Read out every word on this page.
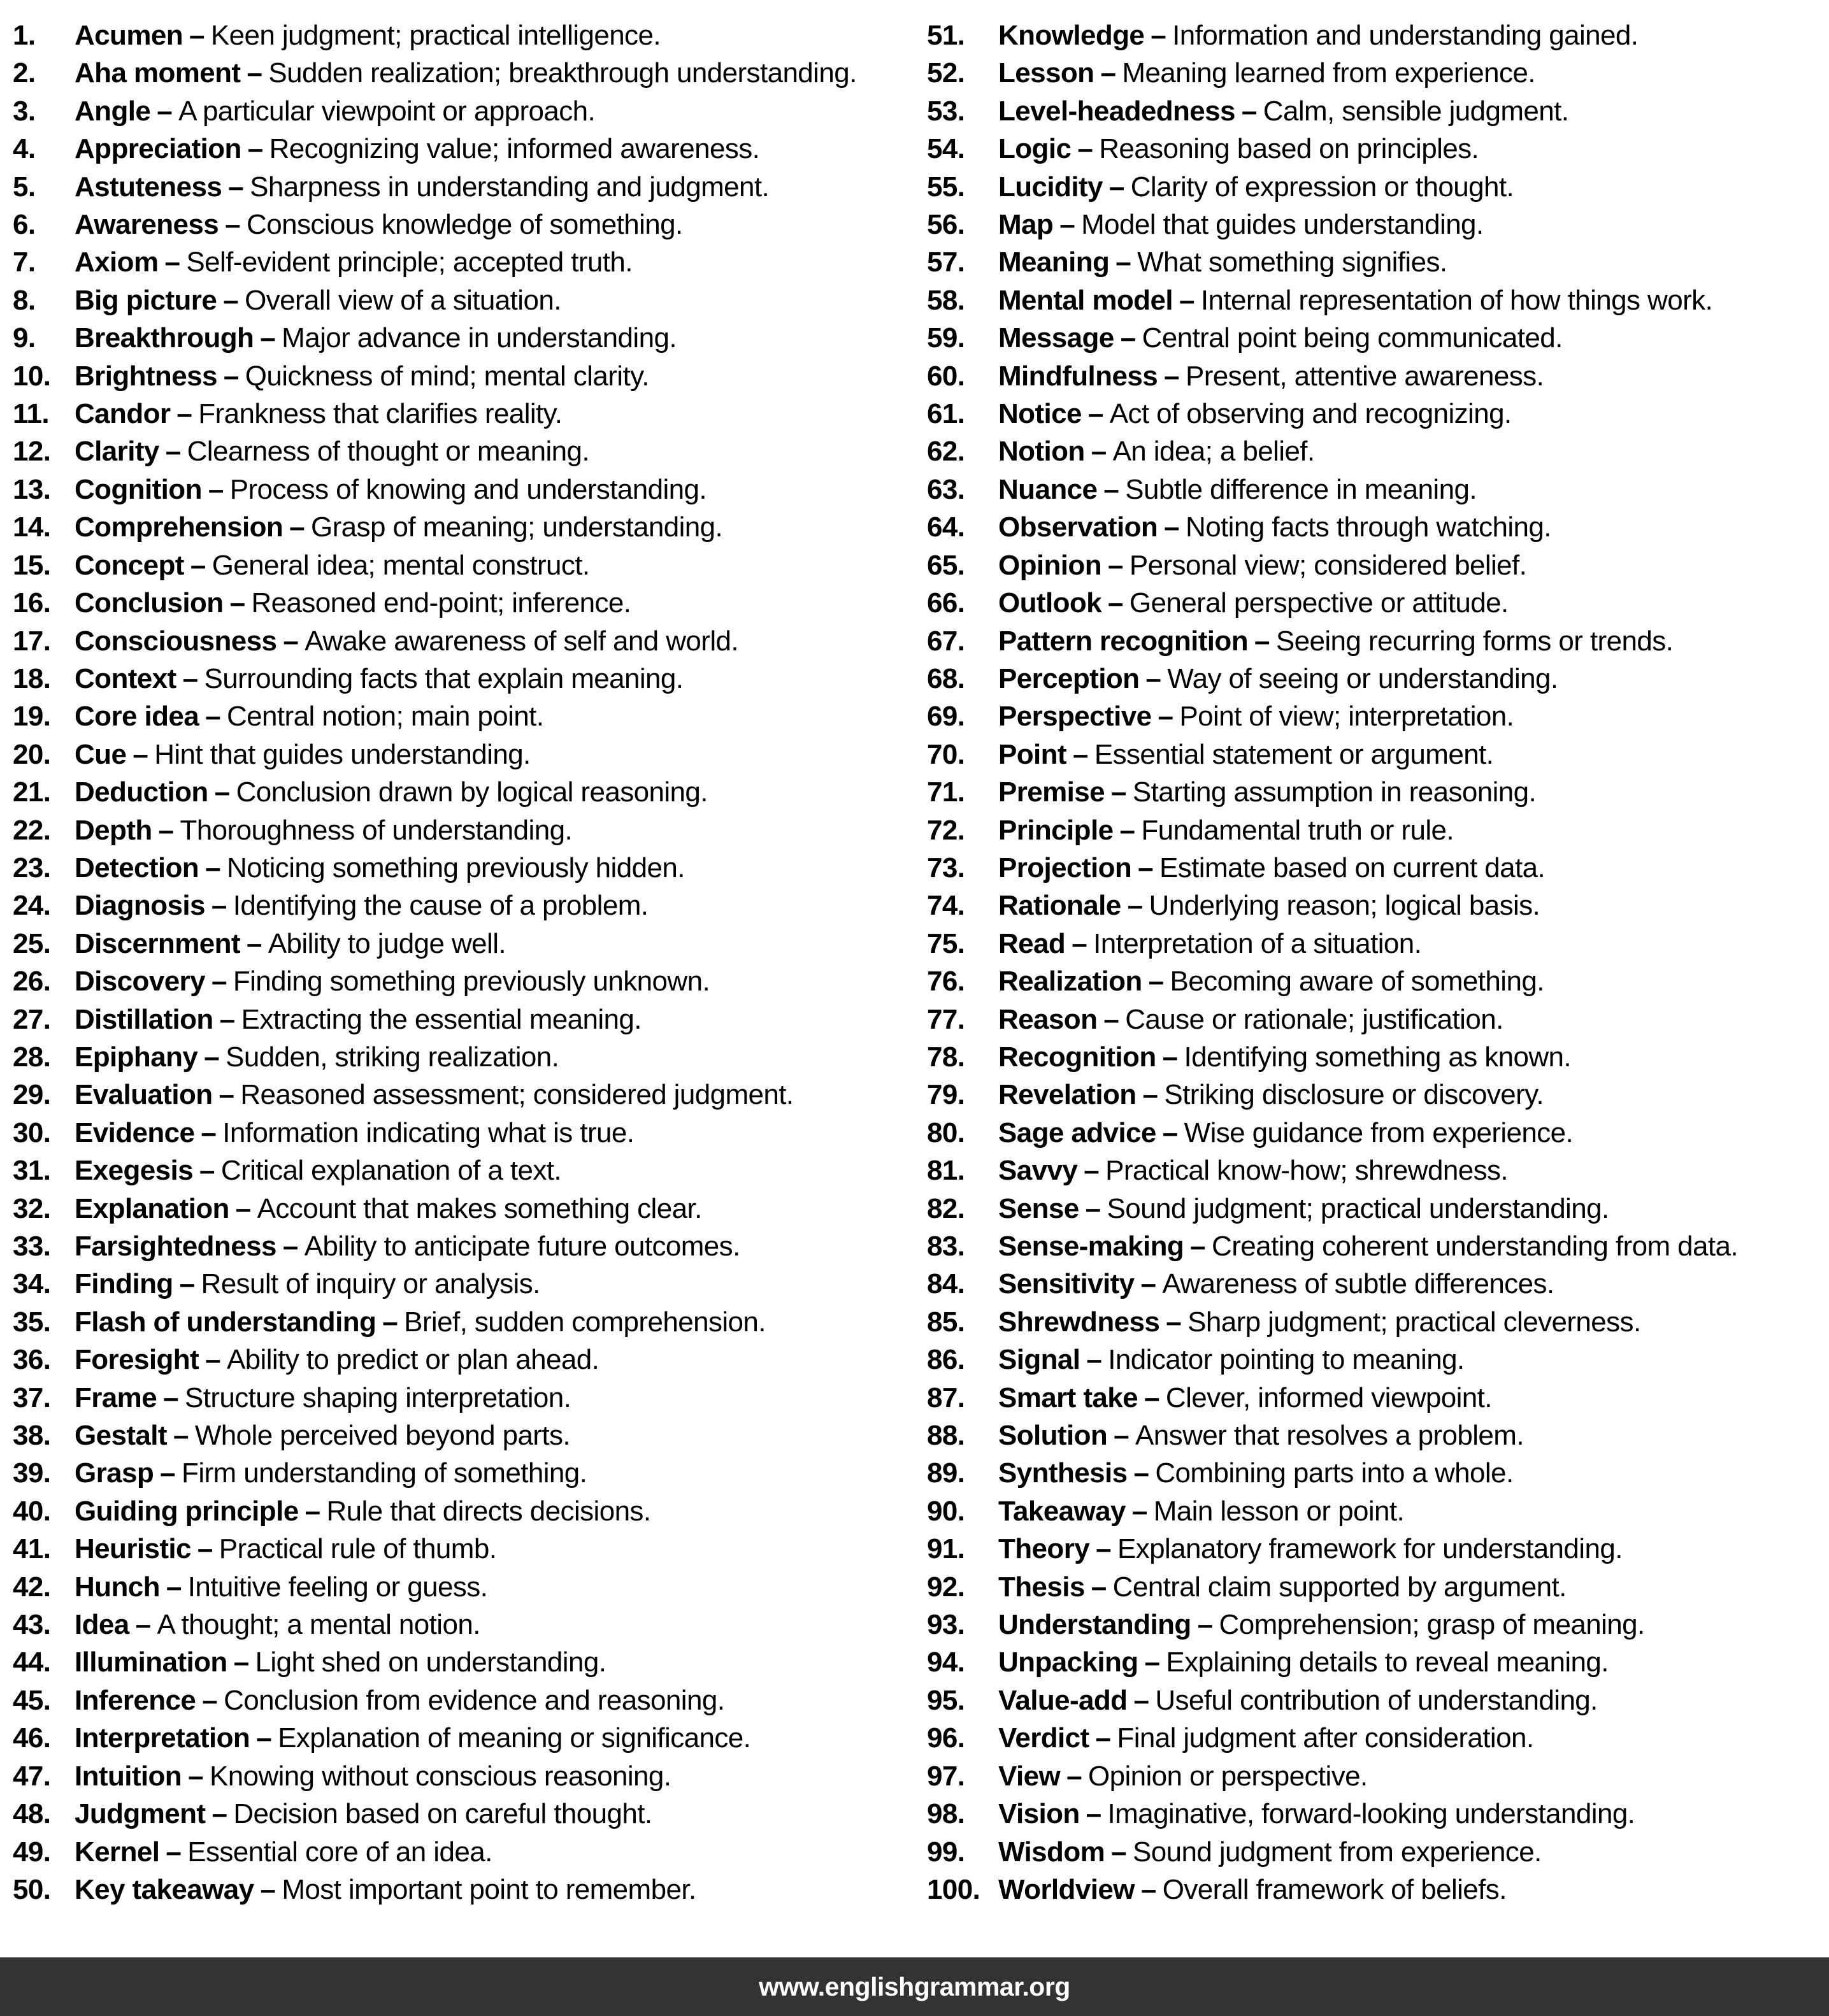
1.	Acumen – Keen judgment; practical intelligence.
2.	Aha moment – Sudden realization; breakthrough understanding.
3.	Angle – A particular viewpoint or approach.
4.	Appreciation – Recognizing value; informed awareness.
5.	Astuteness – Sharpness in understanding and judgment.
6.	Awareness – Conscious knowledge of something.
7.	Axiom – Self-evident principle; accepted truth.
8.	Big picture – Overall view of a situation.
9.	Breakthrough – Major advance in understanding.
10. Brightness – Quickness of mind; mental clarity.
11. Candor – Frankness that clarifies reality.
12. Clarity – Clearness of thought or meaning.
13. Cognition – Process of knowing and understanding.
14. Comprehension – Grasp of meaning; understanding.
15. Concept – General idea; mental construct.
16. Conclusion – Reasoned end-point; inference.
17. Consciousness – Awake awareness of self and world.
18. Context – Surrounding facts that explain meaning.
19. Core idea – Central notion; main point.
20. Cue – Hint that guides understanding.
21. Deduction – Conclusion drawn by logical reasoning.
22. Depth – Thoroughness of understanding.
23. Detection – Noticing something previously hidden.
24. Diagnosis – Identifying the cause of a problem.
25. Discernment – Ability to judge well.
26. Discovery – Finding something previously unknown.
27. Distillation – Extracting the essential meaning.
28. Epiphany – Sudden, striking realization.
29. Evaluation – Reasoned assessment; considered judgment.
30. Evidence – Information indicating what is true.
31. Exegesis – Critical explanation of a text.
32. Explanation – Account that makes something clear.
33. Farsightedness – Ability to anticipate future outcomes.
34. Finding – Result of inquiry or analysis.
35. Flash of understanding – Brief, sudden comprehension.
36. Foresight – Ability to predict or plan ahead.
37. Frame – Structure shaping interpretation.
38. Gestalt – Whole perceived beyond parts.
39. Grasp – Firm understanding of something.
40. Guiding principle – Rule that directs decisions.
41. Heuristic – Practical rule of thumb.
42. Hunch – Intuitive feeling or guess.
43. Idea – A thought; a mental notion.
44. Illumination – Light shed on understanding.
45. Inference – Conclusion from evidence and reasoning.
46. Interpretation – Explanation of meaning or significance.
47. Intuition – Knowing without conscious reasoning.
48. Judgment – Decision based on careful thought.
49. Kernel – Essential core of an idea.
50. Key takeaway – Most important point to remember.
51.	Knowledge – Information and understanding gained.
52.	Lesson – Meaning learned from experience.
53.	Level-headedness – Calm, sensible judgment.
54.	Logic – Reasoning based on principles.
55.	Lucidity – Clarity of expression or thought.
56.	Map – Model that guides understanding.
57.	Meaning – What something signifies.
58.	Mental model – Internal representation of how things work.
59.	Message – Central point being communicated.
60.	Mindfulness – Present, attentive awareness.
61.	Notice – Act of observing and recognizing.
62.	Notion – An idea; a belief.
63.	Nuance – Subtle difference in meaning.
64.	Observation – Noting facts through watching.
65.	Opinion – Personal view; considered belief.
66.	Outlook – General perspective or attitude.
67.	Pattern recognition – Seeing recurring forms or trends.
68.	Perception – Way of seeing or understanding.
69.	Perspective – Point of view; interpretation.
70.	Point – Essential statement or argument.
71.	Premise – Starting assumption in reasoning.
72.	Principle – Fundamental truth or rule.
73.	Projection – Estimate based on current data.
74.	Rationale – Underlying reason; logical basis.
75.	Read – Interpretation of a situation.
76.	Realization – Becoming aware of something.
77.	Reason – Cause or rationale; justification.
78.	Recognition – Identifying something as known.
79.	Revelation – Striking disclosure or discovery.
80.	Sage advice – Wise guidance from experience.
81.	Savvy – Practical know-how; shrewdness.
82.	Sense – Sound judgment; practical understanding.
83.	Sense-making – Creating coherent understanding from data.
84.	Sensitivity – Awareness of subtle differences.
85.	Shrewdness – Sharp judgment; practical cleverness.
86.	Signal – Indicator pointing to meaning.
87.	Smart take – Clever, informed viewpoint.
88.	Solution – Answer that resolves a problem.
89.	Synthesis – Combining parts into a whole.
90.	Takeaway – Main lesson or point.
91.	Theory – Explanatory framework for understanding.
92.	Thesis – Central claim supported by argument.
93.	Understanding – Comprehension; grasp of meaning.
94.	Unpacking – Explaining details to reveal meaning.
95.	Value-add – Useful contribution of understanding.
96.	Verdict – Final judgment after consideration.
97.	View – Opinion or perspective.
98.	Vision – Imaginative, forward-looking understanding.
99.	Wisdom – Sound judgment from experience.
100. Worldview – Overall framework of beliefs.
www.englishgrammar.org
